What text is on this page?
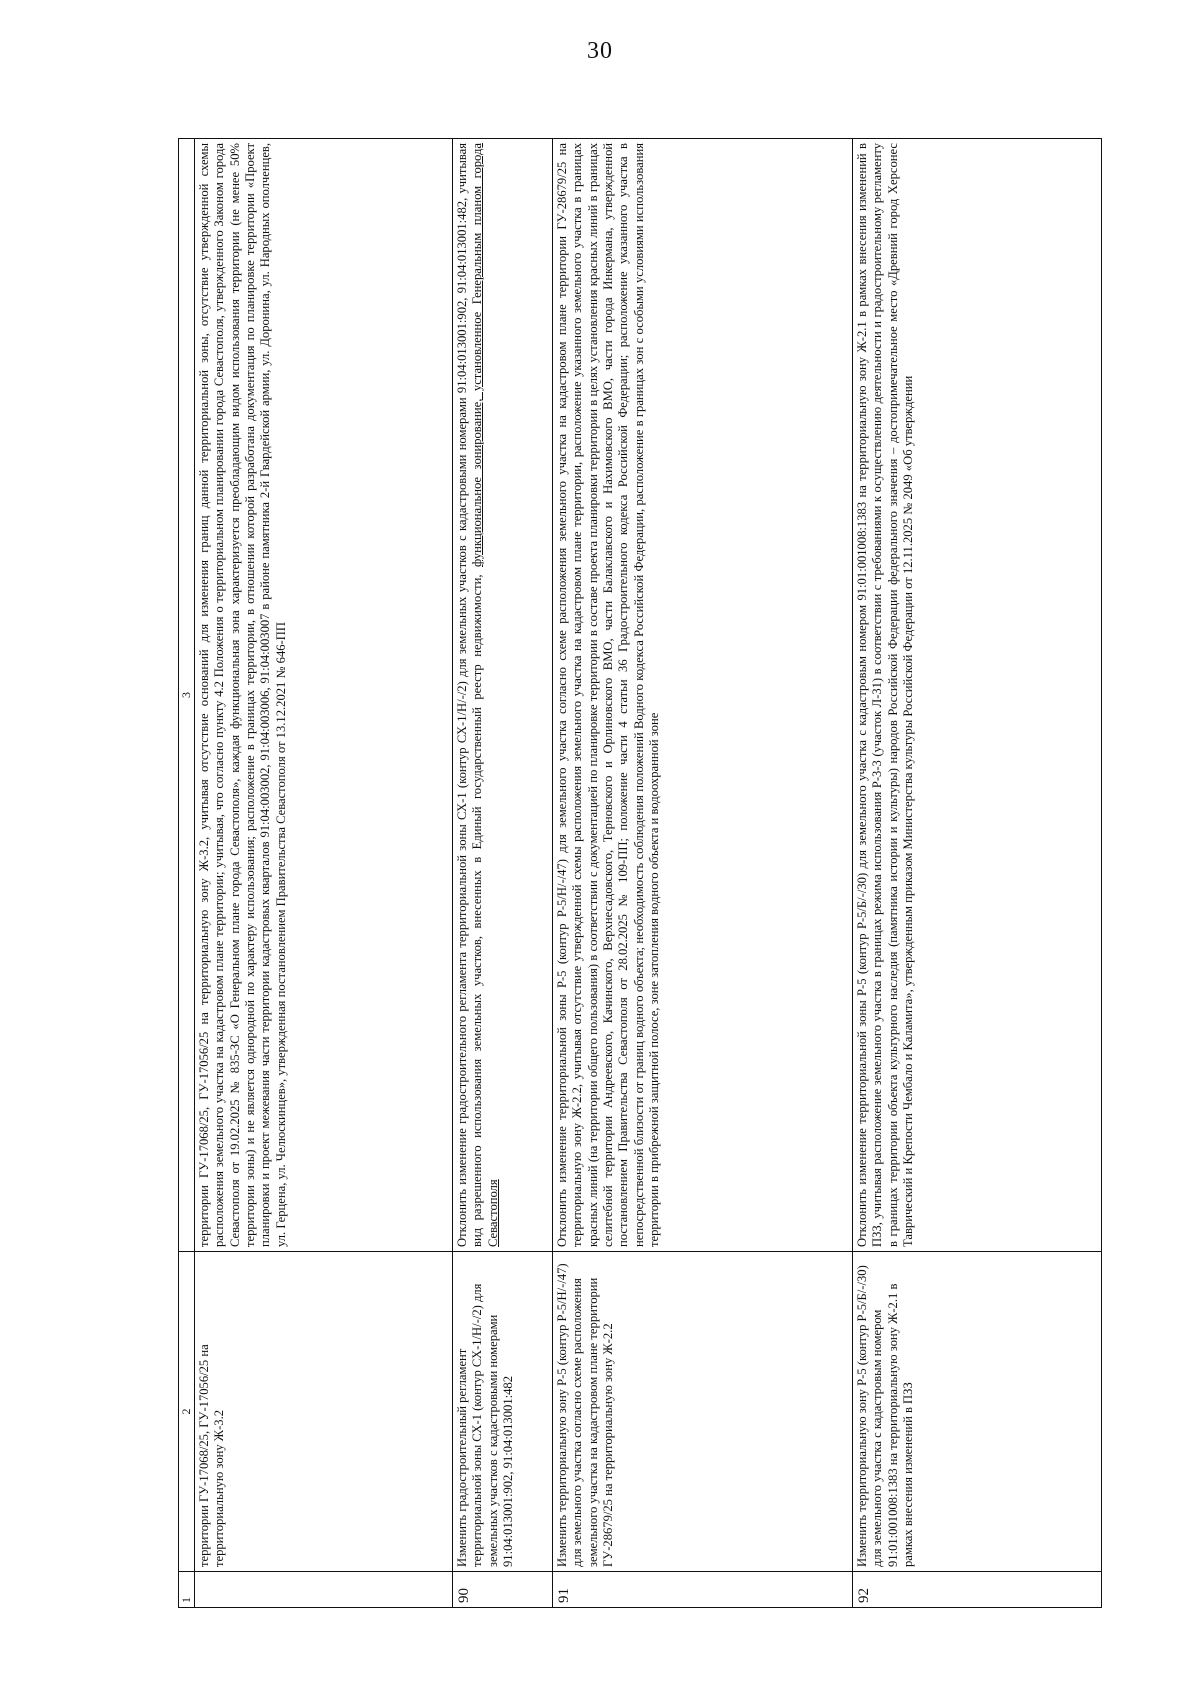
30
1	2	3
	территории ГУ-17068/25, ГУ-17056/25 на территориальную зону Ж-3.2	территории ГУ-17068/25, ГУ-17056/25 на территориальную зону Ж-3.2, учитывая отсутствие оснований для изменения границ данной территориальной зоны, отсутствие утвержденной схемы расположения земельного участка на кадастровом плане территории; учитывая, что согласно пункту 4.2 Положения о территориальном планировании города Севастополя, утвержденного Законом города Севастополя от 19.02.2025 № 835-ЗС «О Генеральном плане города Севастополя», каждая функциональная зона характеризуется преобладающим видом использования территории (не менее 50% территории зоны) и не является однородной по характеру использования; расположение в границах территории, в отношении которой разработана документация по планировке территории «Проект планировки и проект межевания части территории кадастровых кварталов 91:04:003002, 91:04:003006, 91:04:003007 в районе памятника 2-й Гвардейской армии, ул. Доронина, ул. Народных ополченцев, ул. Герцена, ул. Челюскинцев», утвержденная постановлением Правительства Севастополя от 13.12.2021 № 646-ПП
90	Изменить градостроительный регламент территориальной зоны СХ-1 (контур СХ-1/Н/-/2) для земельных участков с кадастровыми номерами 91:04:013001:902, 91:04:013001:482	Отклонить изменение градостроительного регламента территориальной зоны СХ-1 (контур СХ-1/Н/-/2) для земельных участков с кадастровыми номерами 91:04:013001:902, 91:04:013001:482, учитывая вид разрешенного использования земельных участков, внесенных в Единый государственный реестр недвижимости, функциональное зонирование, установленное Генеральным планом города Севастополя
91	Изменить территориальную зону Р-5 (контур Р-5/Н/-/47) для земельного участка согласно схеме расположения земельного участка на кадастровом плане территории ГУ-28679/25 на территориальную зону Ж-2.2	Отклонить изменение территориальной зоны Р-5 (контур Р-5/Н/-/47) для земельного участка согласно схеме расположения земельного участка на кадастровом плане территории ГУ-28679/25 на территориальную зону Ж-2.2, учитывая отсутствие утвержденной схемы расположения земельного участка на кадастровом плане территории, расположение указанного земельного участка в границах красных линий (на территории общего пользования) в соответствии с документацией по планировке территории в составе проекта планировки территории в целях установления красных линий в границах селитебной территории Андреевского, Качинского, Верхнесадовского, Терновского и Орлиновского ВМО, части Балаклавского и Нахимовского ВМО, части города Инкермана, утвержденной постановлением Правительства Севастополя от 28.02.2025 № 109-ПП; положение части 4 статьи 36 Градостроительного кодекса Российской Федерации; расположение указанного участка в непосредственной близости от границ водного объекта; необходимость соблюдения положений Водного кодекса Российской Федерации, расположение в границах зон с особыми условиями использования территории в прибрежной защитной полосе, зоне затопления водного объекта и водоохранной зоне
92	Изменить территориальную зону Р-5 (контур Р-5/Б/-/30) для земельного участка с кадастровым номером 91:01:001008:1383 на территориальную зону Ж-2.1 в рамках внесения изменений в ПЗЗ	Отклонить изменение территориальной зоны Р-5 (контур Р-5/Б/-/30) для земельного участка с кадастровым номером 91:01:001008:1383 на территориальную зону Ж-2.1 в рамках внесения изменений в ПЗЗ, учитывая расположение земельного участка в границах режима использования Р-3-3 (участок Л-31) в соответствии с требованиями к осуществлению деятельности и градостроительному регламенту в границах территории объекта культурного наследия (памятника истории и культуры) народов Российской Федерации федерального значения – достопримечательное место «Древний город Херсонес Таврический и Крепости Чембало и Каламита», утвержденным приказом Министерства культуры Российской Федерации от 12.11.2025 № 2049 «Об утверждении
